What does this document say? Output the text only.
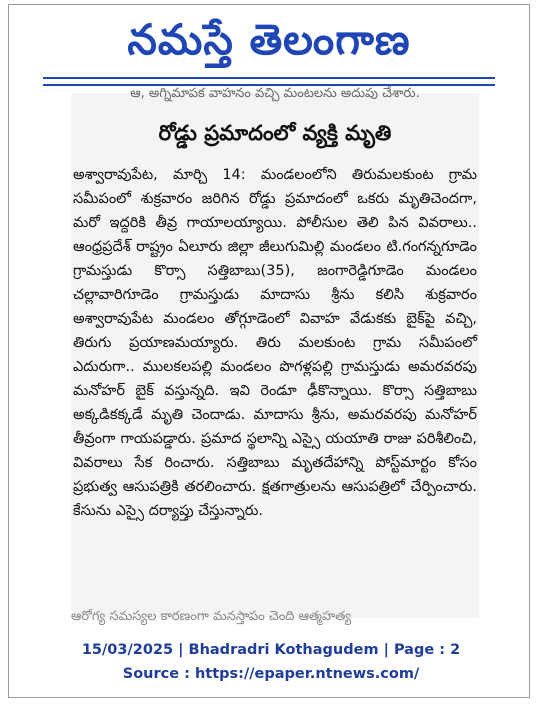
నమస్తే తెలంగాణ
ఆ, అగ్నిమాపక వాహనం వచ్చి మంటలను అదుపు చేశారు.
రోడ్డు ప్రమాదంలో వ్యక్తి మృతి

అశ్వారావుపేట, మార్చి 14: మండలంలోని తిరుమలకుంట గ్రామ సమీపంలో శుక్రవారం జరిగిన రోడ్డు ప్రమాదంలో ఒకరు మృతిచెందగా, మరో ఇద్దరికి తీవ్ర గాయాలయ్యాయి. పోలీసుల తెలి పిన వివరాలు.. ఆంధ్రప్రదేశ్ రాష్ట్రం ఏలూరు జిల్లా జీలుగుమిల్లి మండలం టి.గంగన్నగూడెం గ్రామస్తుడు కొర్సా సత్తిబాబు(35), జంగారెడ్డిగూడెం మండలం చల్లావారిగూడెం గ్రామస్తుడు మాదాసు శ్రీను కలిసి శుక్రవారం అశ్వారావుపేట మండలం తోగ్గూడెంలో వివాహ వేడుకకు బైక్‌పై వచ్చి, తిరుగు ప్రయాణమయ్యారు. తిరు మలకుంట గ్రామ సమీపంలో ఎదురుగా.. ములకలపల్లి మండలం పొగళ్లపల్లి గ్రామస్తుడు అమరవరపు మనోహర్ బైక్ వస్తున్నది. ఇవి రెండూ ఢీకొన్నాయి. కొర్సా సత్తిబాబు అక్కడికక్కడే మృతి చెందాడు. మాదాసు శ్రీను, అమరవరపు మనోహర్ తీవ్రంగా గాయపడ్డారు. ప్రమాద స్థలాన్ని ఎస్సై యయాతి రాజు పరిశీలించి, వివరాలు సేక రించారు. సత్తిబాబు మృతదేహాన్ని పోస్ట్‌మార్టం కోసం ప్రభుత్వ ఆసుపత్రికి తరలించారు. క్షతగాత్రులను ఆసుపత్రిలో చేర్పించారు. కేసును ఎస్సై దర్యాప్తు చేస్తున్నారు.

ఆరోగ్య సమస్యల కారణంగా మనస్తాపం చెంది ఆత్మహత్య
15/03/2025 | Bhadradri Kothagudem | Page : 2
Source : https://epaper.ntnews.com/
